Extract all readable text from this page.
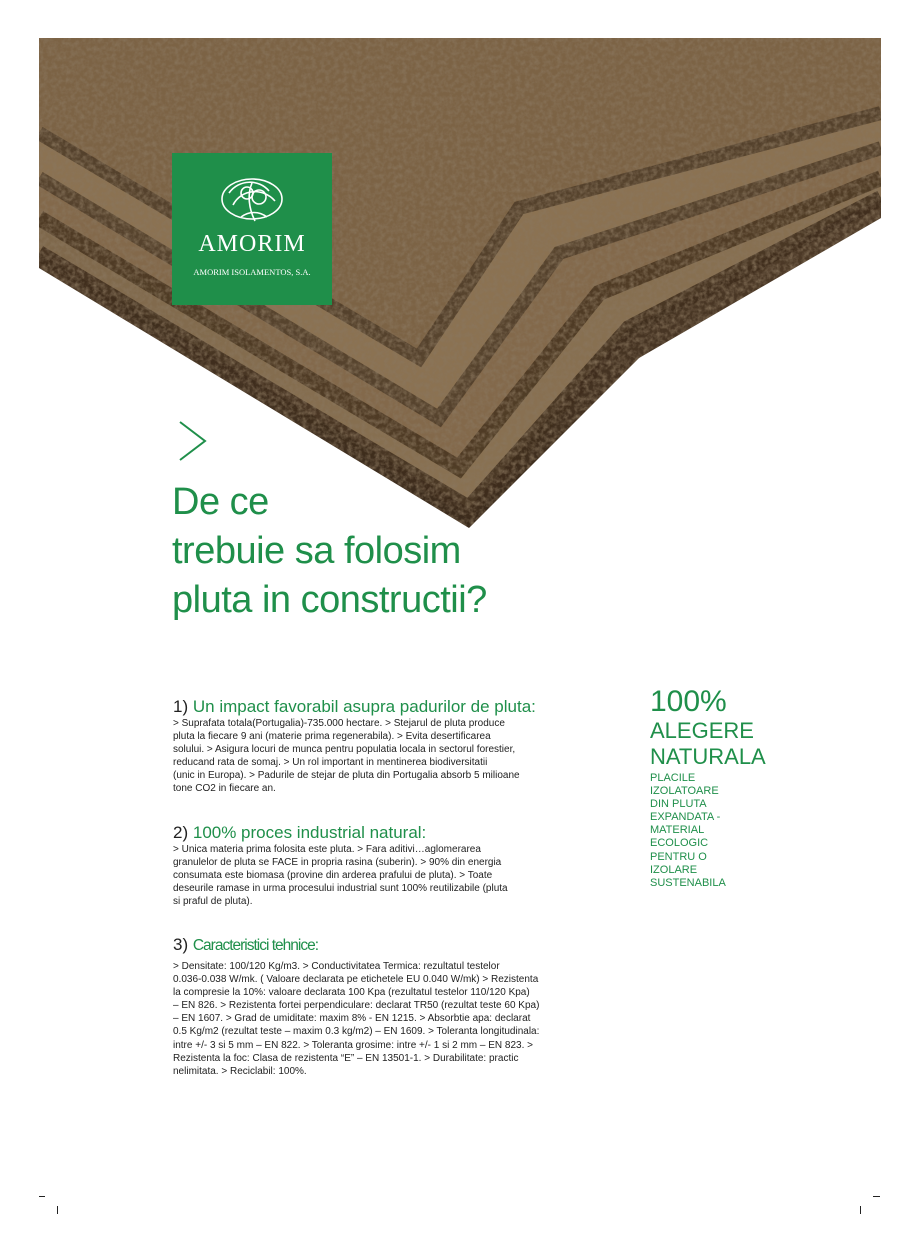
AMORIM
AMORIM ISOLAMENTOS, S.A.
De ce
trebuie sa folosim
pluta in constructii?
1) Un impact favorabil asupra padurilor de pluta:
> Suprafata totala(Portugalia)-735.000 hectare. > Stejarul de pluta produce
pluta la fiecare 9 ani (materie prima regenerabila). > Evita desertificarea
solului. > Asigura locuri de munca pentru populatia locala in sectorul forestier,
reducand rata de somaj. > Un rol important in mentinerea biodiversitatii
(unic in Europa). > Padurile de stejar de pluta din Portugalia absorb 5 milioane
tone CO2 in fiecare an.
2) 100% proces industrial natural:
> Unica materia prima folosita este pluta. > Fara aditivi…aglomerarea
granulelor de pluta se FACE in propria rasina (suberin). > 90% din energia
consumata este biomasa (provine din arderea prafului de pluta). > Toate
deseurile ramase in urma procesului industrial sunt 100% reutilizabile (pluta
si praful de pluta).
3) Caracteristici tehnice:
> Densitate: 100/120 Kg/m3. > Conductivitatea Termica: rezultatul testelor
0.036-0.038 W/mk. ( Valoare declarata pe etichetele EU 0.040 W/mk) > Rezistenta
la compresie la 10%: valoare declarata 100 Kpa (rezultatul testelor 110/120 Kpa)
– EN 826. > Rezistenta fortei perpendiculare: declarat TR50 (rezultat teste 60 Kpa)
– EN 1607. > Grad de umiditate: maxim 8% - EN 1215. > Absorbtie apa: declarat
0.5 Kg/m2 (rezultat teste – maxim 0.3 kg/m2) – EN 1609. > Toleranta longitudinala:
intre +/- 3 si 5 mm – EN 822. > Toleranta grosime: intre +/- 1 si 2 mm – EN 823. >
Rezistenta la foc: Clasa de rezistenta “E” – EN 13501-1. > Durabilitate: practic
nelimitata. > Reciclabil: 100%.
100%
ALEGERE
NATURALA
PLACILE
IZOLATOARE
DIN PLUTA
EXPANDATA -
MATERIAL
ECOLOGIC
PENTRU O
IZOLARE
SUSTENABILA
